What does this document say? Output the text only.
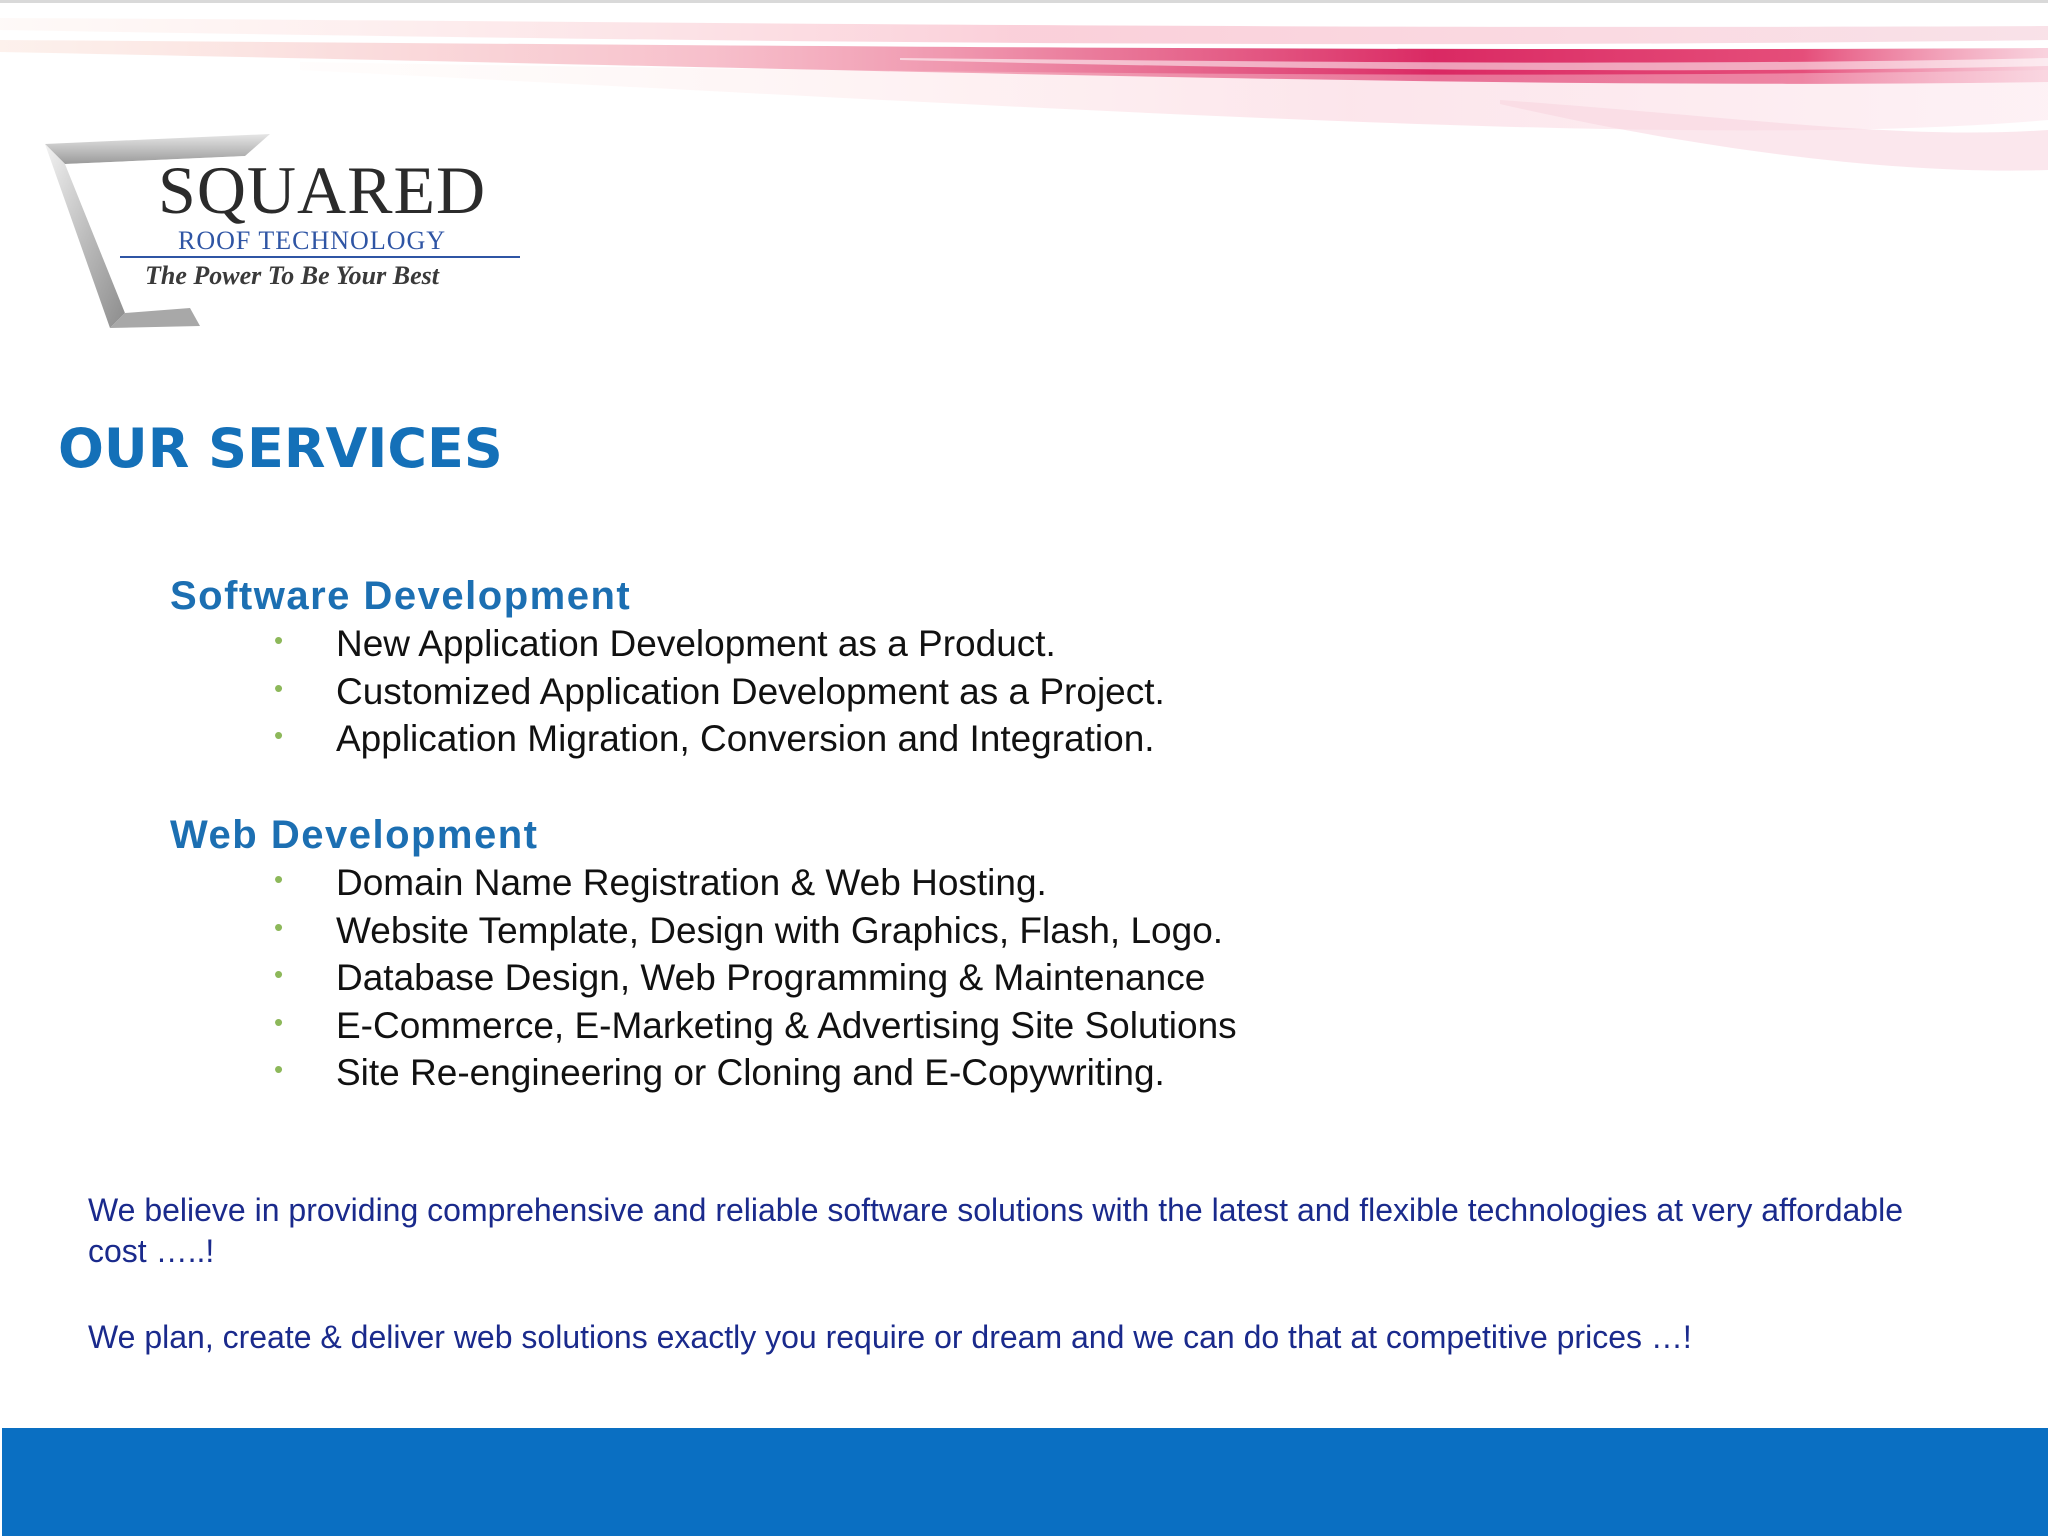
SQUARED
ROOF TECHNOLOGY
The Power To Be Your Best
OUR SERVICES
Software Development
• New Application Development as a Product.
• Customized Application Development as a Project.
• Application Migration, Conversion and Integration.
Web Development
• Domain Name Registration & Web Hosting.
• Website Template, Design with Graphics, Flash, Logo.
• Database Design, Web Programming & Maintenance
• E-Commerce, E-Marketing & Advertising Site Solutions
• Site Re-engineering or Cloning and E-Copywriting.
We believe in providing comprehensive and reliable software solutions with the latest and flexible technologies at very affordable cost …..!
We plan, create & deliver web solutions exactly you require or dream and we can do that at competitive prices …!
